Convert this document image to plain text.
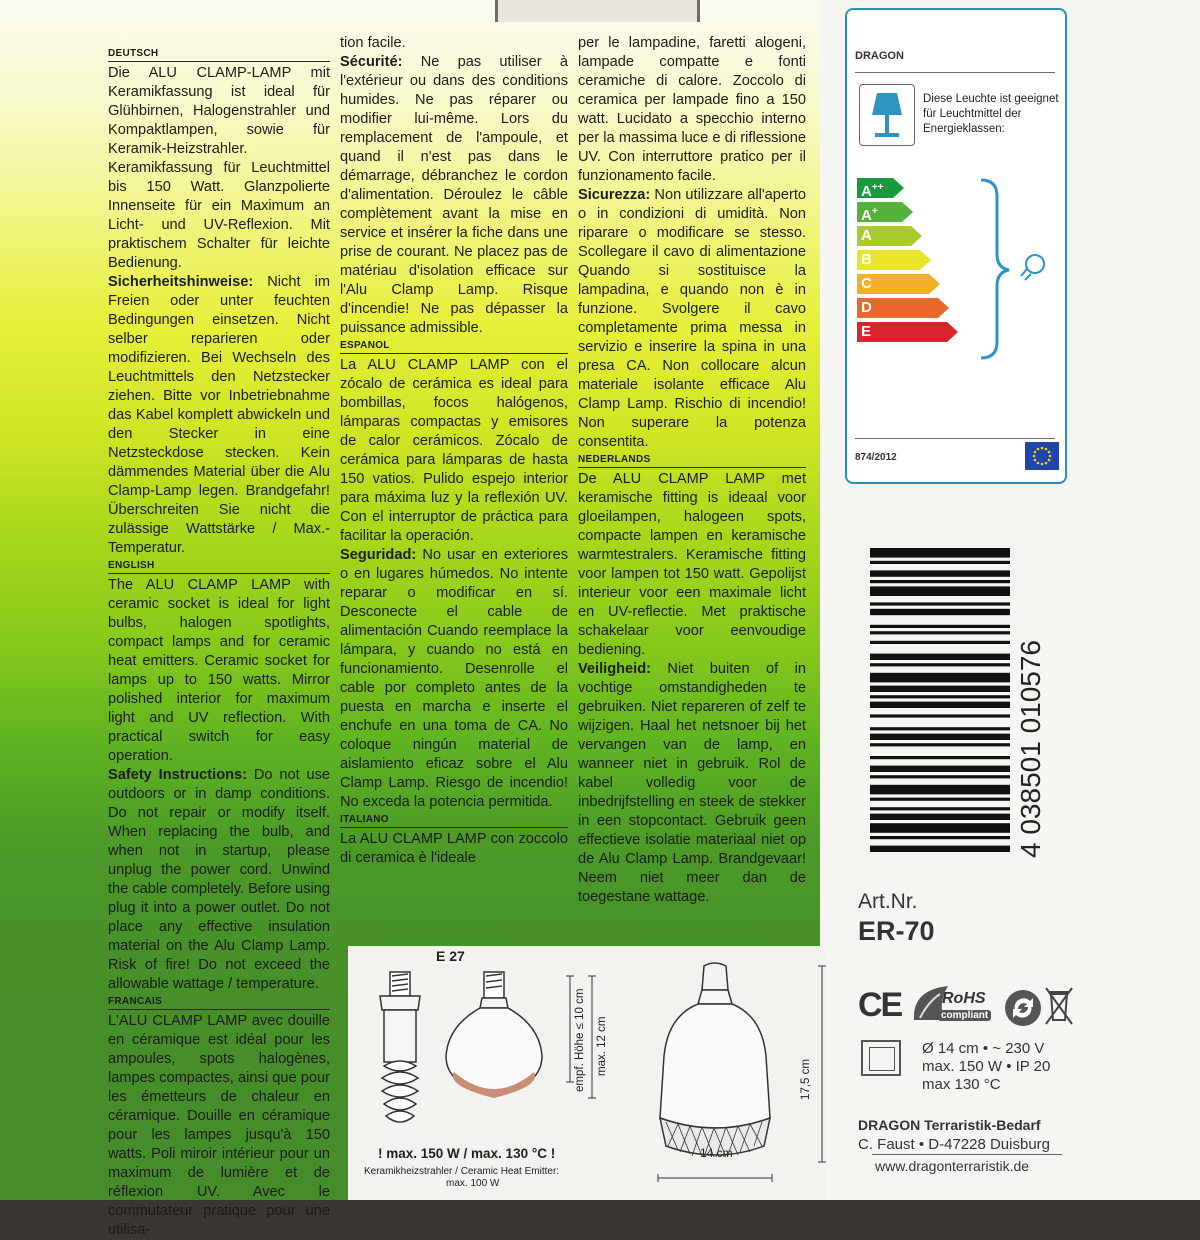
DEUTSCH

Die ALU CLAMP-LAMP mit Keramikfassung ist ideal für Glühbirnen, Halogenstrahler und Kompaktlampen, sowie für Keramik-Heizstrahler. Keramikfassung für Leuchtmittel bis 150 Watt. Glanzpolierte Innenseite für ein Maximum an Licht- und UV-Reflexion. Mit praktischem Schalter für leichte Bedienung.

Sicherheitshinweise: Nicht im Freien oder unter feuchten Bedingungen einsetzen. Nicht selber reparieren oder modifizieren. Bei Wechseln des Leuchtmittels den Netzstecker ziehen. Bitte vor Inbetriebnahme das Kabel komplett abwickeln und den Stecker in eine Netzsteckdose stecken. Kein dämmendes Material über die Alu Clamp-Lamp legen. Brandgefahr! Überschreiten Sie nicht die zulässige Wattstärke / Max.-Temperatur.

ENGLISH

The ALU CLAMP LAMP with ceramic socket is ideal for light bulbs, halogen spotlights, compact lamps and for ceramic heat emitters. Ceramic socket for lamps up to 150 watts. Mirror polished interior for maximum light and UV reflection. With practical switch for easy operation.

Safety Instructions: Do not use outdoors or in damp conditions. Do not repair or modify itself. When replacing the bulb, and when not in startup, please unplug the power cord. Unwind the cable completely. Before using plug it into a power outlet. Do not place any effective insulation material on the Alu Clamp Lamp. Risk of fire! Do not exceed the allowable wattage / temperature.

FRANCAIS

L'ALU CLAMP LAMP avec douille en céramique est idéal pour les ampoules, spots halogènes, lampes compactes, ainsi que pour les émetteurs de chaleur en céramique. Douille en céramique pour les lampes jusqu'à 150 watts. Poli miroir intérieur pour un maximum de lumière et de réflexion UV. Avec le commutateur pratique pour une utilisa-

tion facile.

Sécurité: Ne pas utiliser à l'extérieur ou dans des conditions humides. Ne pas réparer ou modifier lui-même. Lors du remplacement de l'ampoule, et quand il n'est pas dans le démarrage, débranchez le cordon d'alimentation. Déroulez le câble complètement avant la mise en service et insérer la fiche dans une prise de courant. Ne placez pas de matériau d'isolation efficace sur l'Alu Clamp Lamp. Risque d'incendie! Ne pas dépasser la puissance admissible.

ESPANOL

La ALU CLAMP LAMP con el zócalo de cerámica es ideal para bombillas, focos halógenos, lámparas compactas y emisores de calor cerámicos. Zócalo de cerámica para lámparas de hasta 150 vatios. Pulido espejo interior para máxima luz y la reflexión UV. Con el interruptor de práctica para facilitar la operación.

Seguridad: No usar en exteriores o en lugares húmedos. No intente reparar o modificar en sí. Desconecte el cable de alimentación Cuando reemplace la lámpara, y cuando no está en funcionamiento. Desenrolle el cable por completo antes de la puesta en marcha e inserte el enchufe en una toma de CA. No coloque ningún material de aislamiento eficaz sobre el Alu Clamp Lamp. Riesgo de incendio! No exceda la potencia permitida.

ITALIANO

La ALU CLAMP LAMP con zoccolo di ceramica è l'ideale

per le lampadine, faretti alogeni, lampade compatte e fonti ceramiche di calore. Zoccolo di ceramica per lampade fino a 150 watt. Lucidato a specchio interno per la massima luce e di riflessione UV. Con interruttore pratico per il funzionamento facile.

Sicurezza: Non utilizzare all'aperto o in condizioni di umidità. Non riparare o modificare se stesso. Scollegare il cavo di alimentazione Quando si sostituisce la lampadina, e quando non è in funzione. Svolgere il cavo completamente prima messa in servizio e inserire la spina in una presa CA. Non collocare alcun materiale isolante efficace Alu Clamp Lamp. Rischio di incendio! Non superare la potenza consentita.

NEDERLANDS

De ALU CLAMP LAMP met keramische fitting is ideaal voor gloeilampen, halogeen spots, compacte lampen en keramische warmtestralers. Keramische fitting voor lampen tot 150 watt. Gepolijst interieur voor een maximale licht en UV-reflectie. Met praktische schakelaar voor eenvoudige bediening.

Veiligheid: Niet buiten of in vochtige omstandigheden te gebruiken. Niet repareren of zelf te wijzigen. Haal het netsnoer bij het vervangen van de lamp, en wanneer niet in gebruik. Rol de kabel volledig voor de inbedrijfstelling en steek de stekker in een stopcontact. Gebruik geen effectieve isolatie materiaal niet op de Alu Clamp Lamp. Brandgevaar! Neem niet meer dan de toegestane wattage.

DRAGON
Diese Leuchte ist geeignet für Leuchtmittel der Energieklassen:
A++
A+
A
B
C
D
E
874/2012
4 038501 010576
Art.Nr.
ER-70
CE	RoHS
compliant
Ø 14 cm • ~ 230 V
max. 150 W • IP 20
max 130 °C
DRAGON Terraristik-Bedarf
C. Faust • D-47228 Duisburg
www.dragonterraristik.de
E 27
empf. Höhe ≤ 10 cm max. 12 cm
17,5 cm
14 cm
! max. 150 W / max. 130 °C !
Keramikheizstrahler / Ceramic Heat Emitter:
max. 100 W
